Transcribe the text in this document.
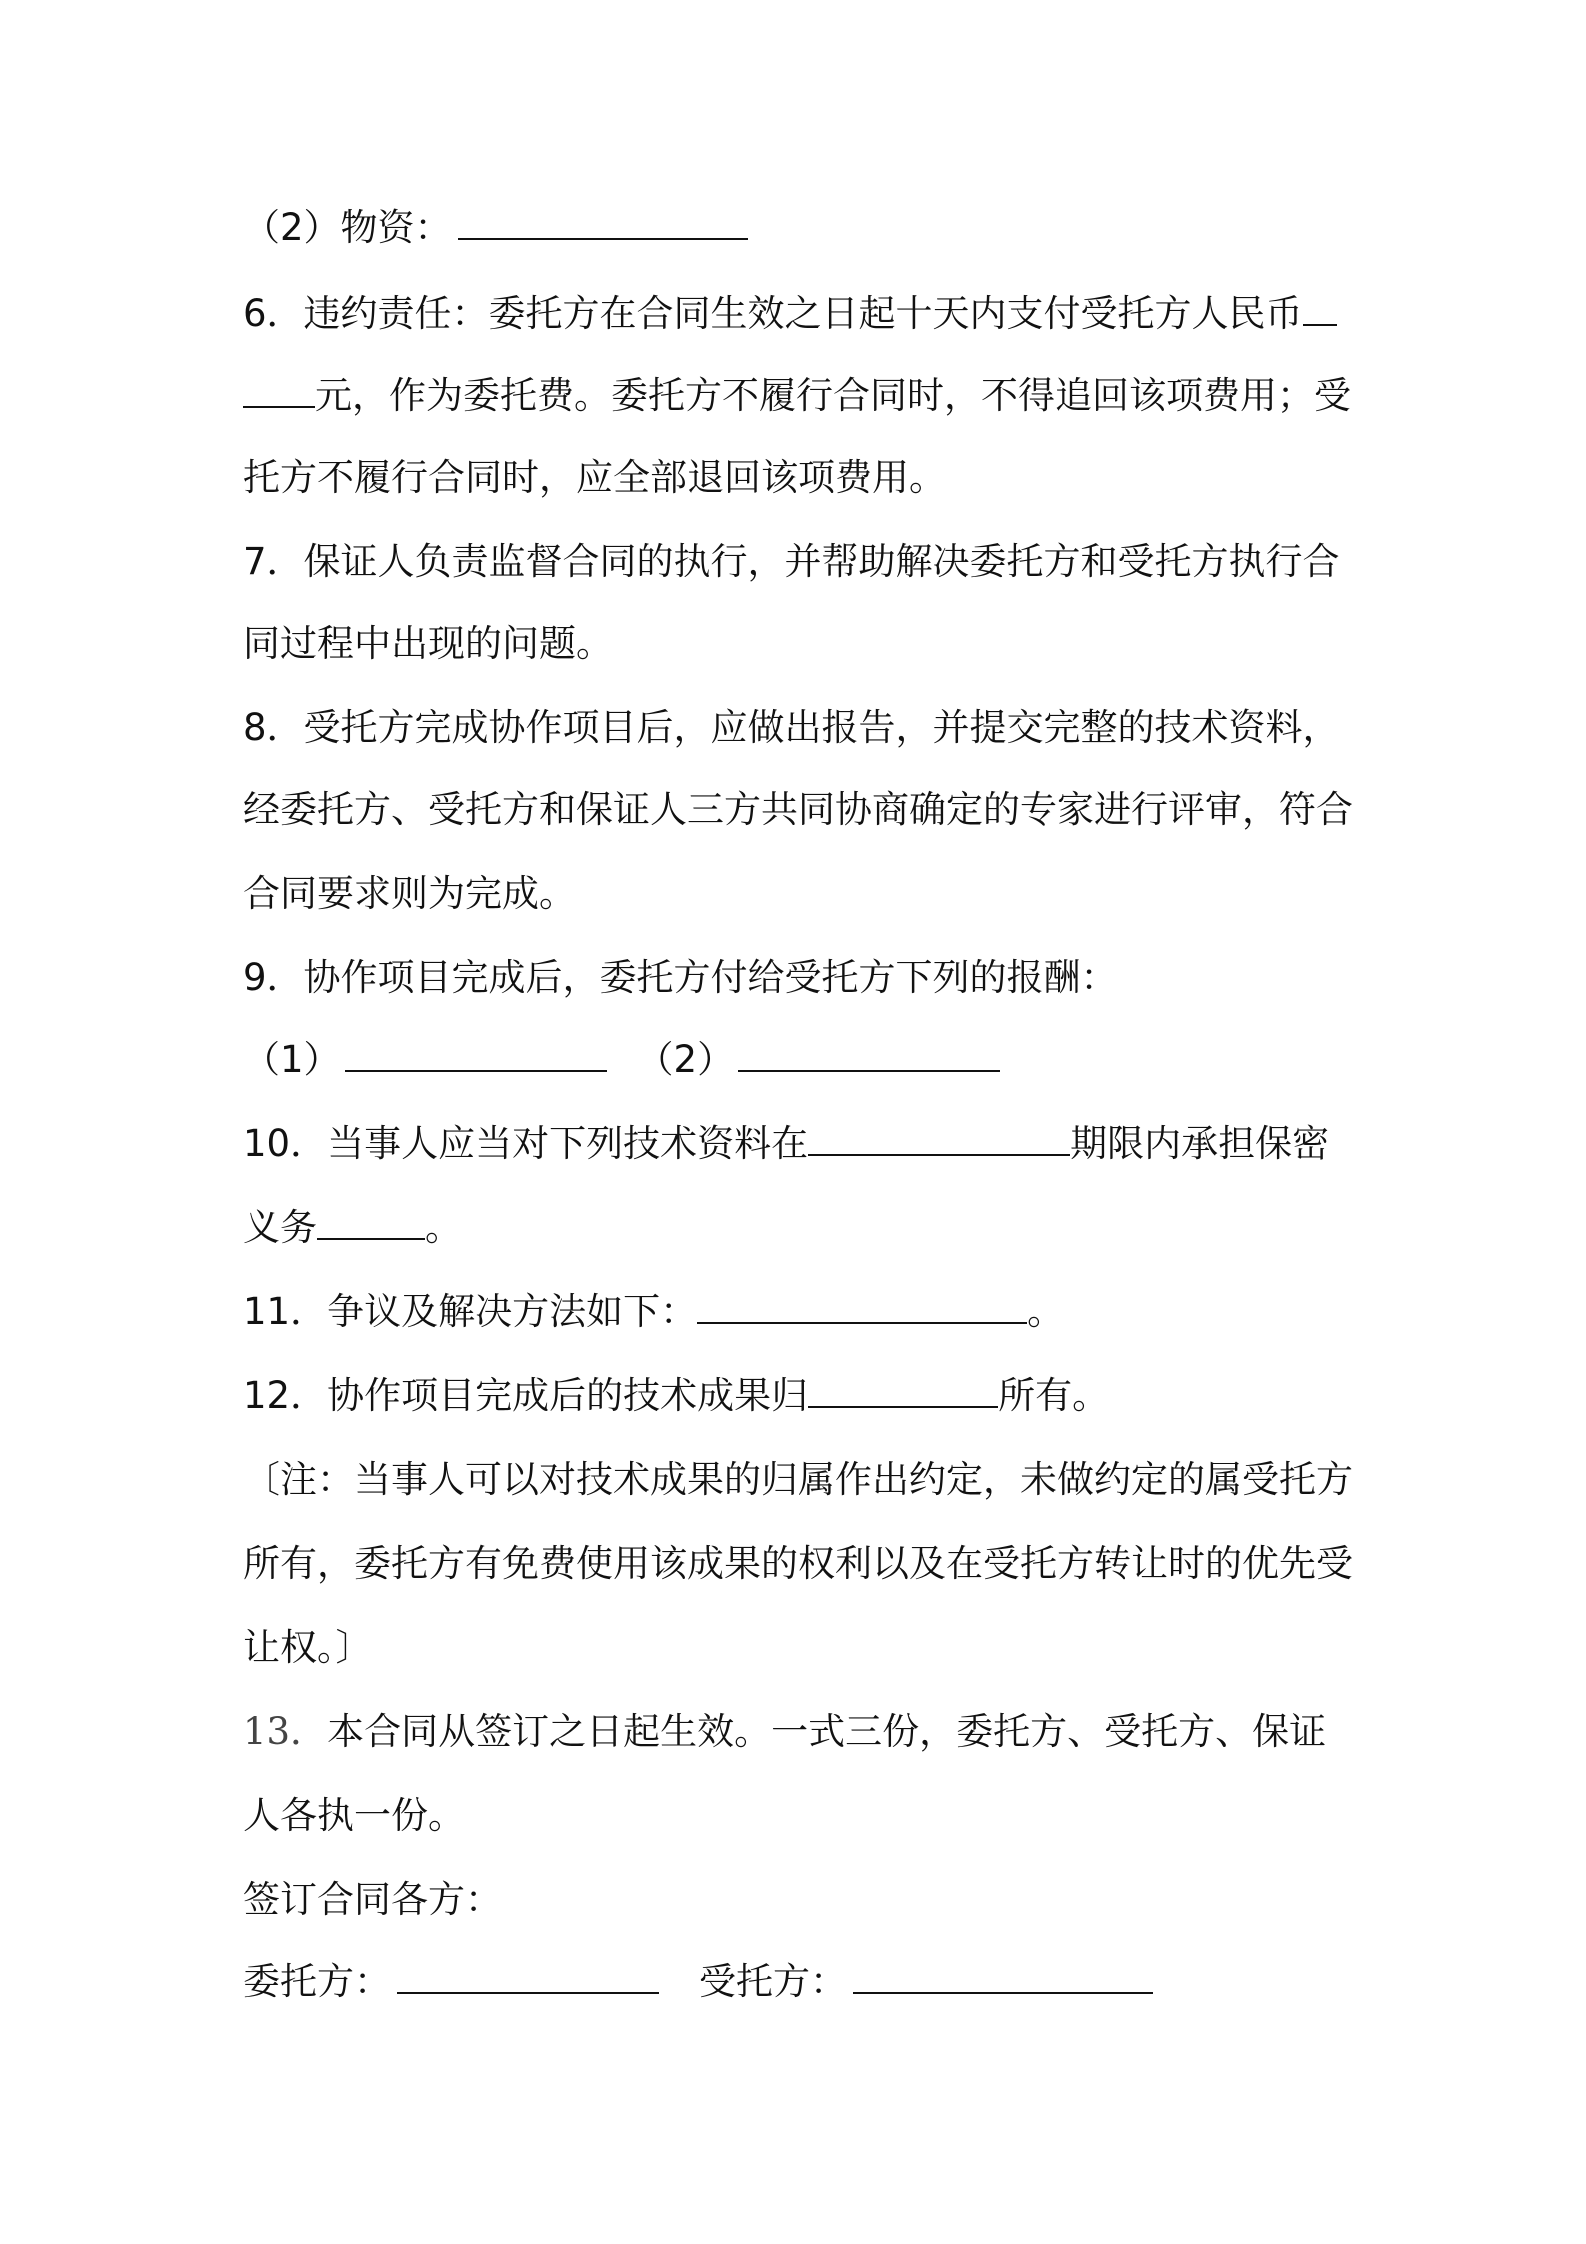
（2）物资：
6．违约责任：委托方在合同生效之日起十天内支付受托方人民币
元，作为委托费。委托方不履行合同时，不得追回该项费用；受
托方不履行合同时，应全部退回该项费用。
7．保证人负责监督合同的执行，并帮助解决委托方和受托方执行合
同过程中出现的问题。
8．受托方完成协作项目后，应做出报告，并提交完整的技术资料，
经委托方、受托方和保证人三方共同协商确定的专家进行评审，符合
合同要求则为完成。
9．协作项目完成后，委托方付给受托方下列的报酬：
（1）	（2）
10．当事人应当对下列技术资料在	期限内承担保密
义务	。
11．争议及解决方法如下：	。
12．协作项目完成后的技术成果归	所有。
〔注：当事人可以对技术成果的归属作出约定，未做约定的属受托方
所有，委托方有免费使用该成果的权利以及在受托方转让时的优先受
让权。〕
13．本合同从签订之日起生效。一式三份，委托方、受托方、保证
人各执一份。
签订合同各方：
委托方：	受托方：
